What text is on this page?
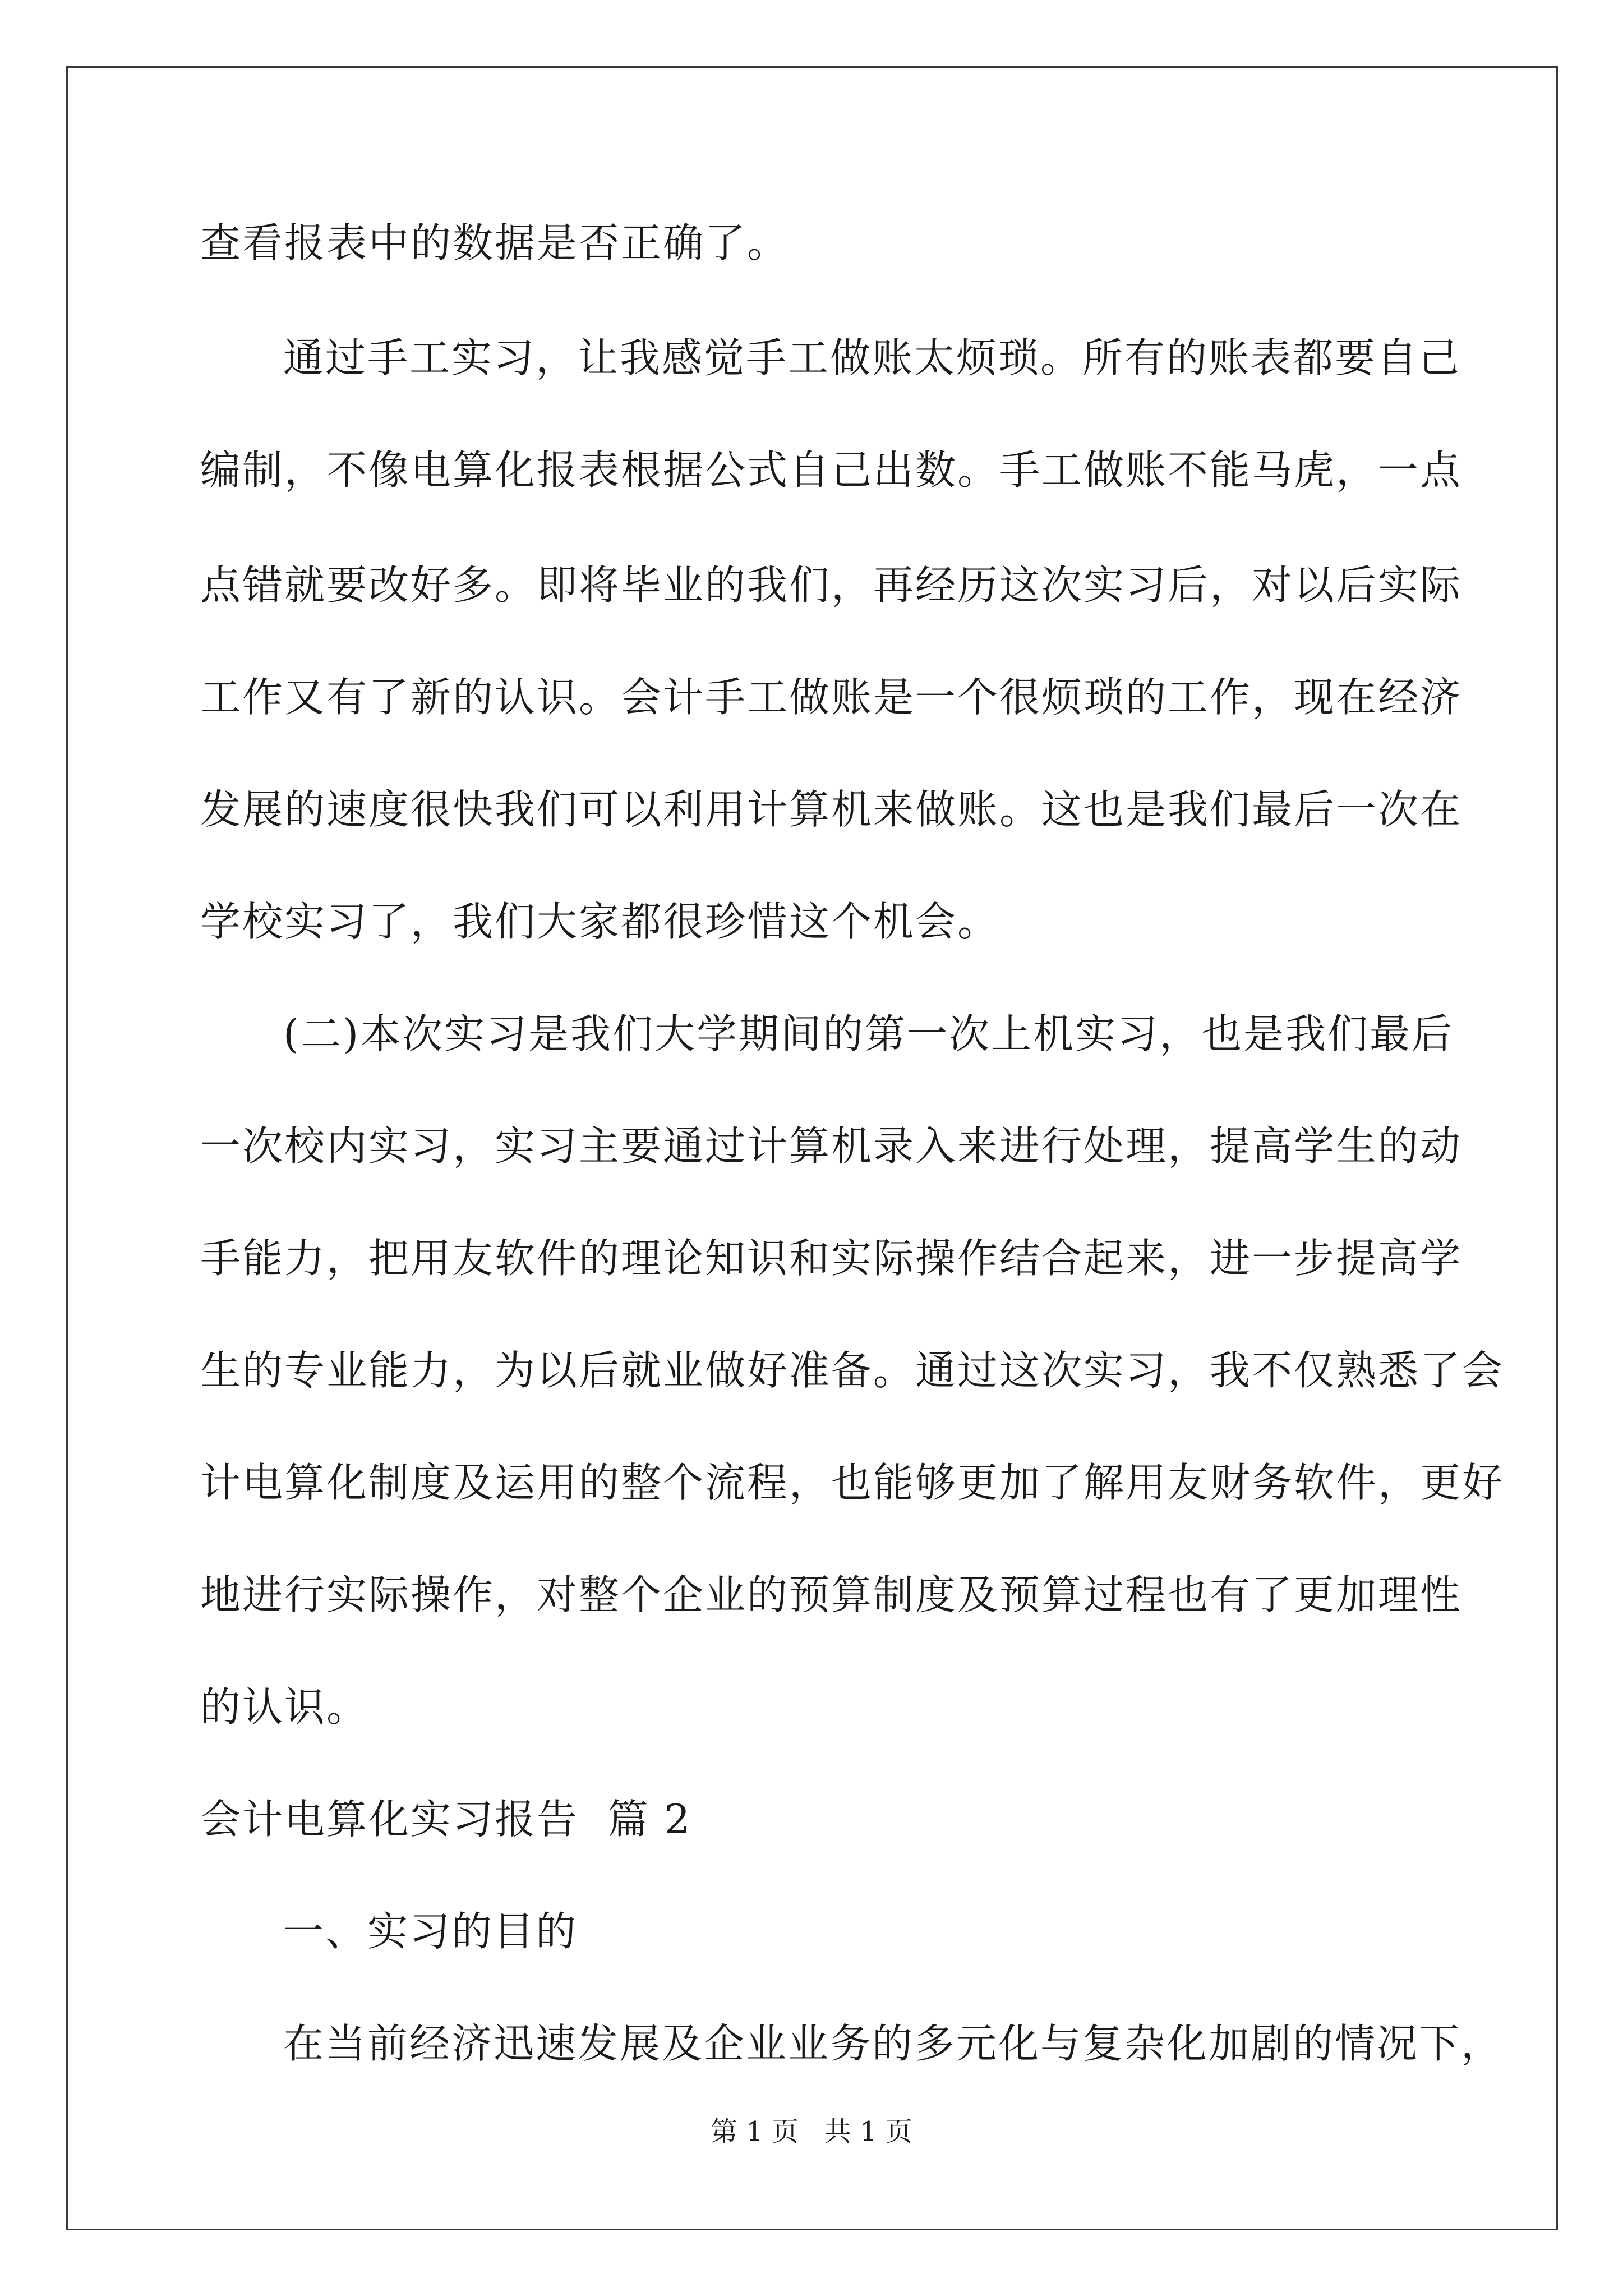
查看报表中的数据是否正确了。
通过手工实习，让我感觉手工做账太烦琐。所有的账表都要自己
编制，不像电算化报表根据公式自己出数。手工做账不能马虎，一点
点错就要改好多。即将毕业的我们，再经历这次实习后，对以后实际
工作又有了新的认识。会计手工做账是一个很烦琐的工作，现在经济
发展的速度很快我们可以利用计算机来做账。这也是我们最后一次在
学校实习了，我们大家都很珍惜这个机会。
(二)本次实习是我们大学期间的第一次上机实习，也是我们最后
一次校内实习，实习主要通过计算机录入来进行处理，提高学生的动
手能力，把用友软件的理论知识和实际操作结合起来，进一步提高学
生的专业能力，为以后就业做好准备。通过这次实习，我不仅熟悉了会
计电算化制度及运用的整个流程，也能够更加了解用友财务软件，更好
地进行实际操作，对整个企业的预算制度及预算过程也有了更加理性
的认识。
会计电算化实习报告  篇 2
一、实习的目的
在当前经济迅速发展及企业业务的多元化与复杂化加剧的情况下，
第 1 页   共 1 页
